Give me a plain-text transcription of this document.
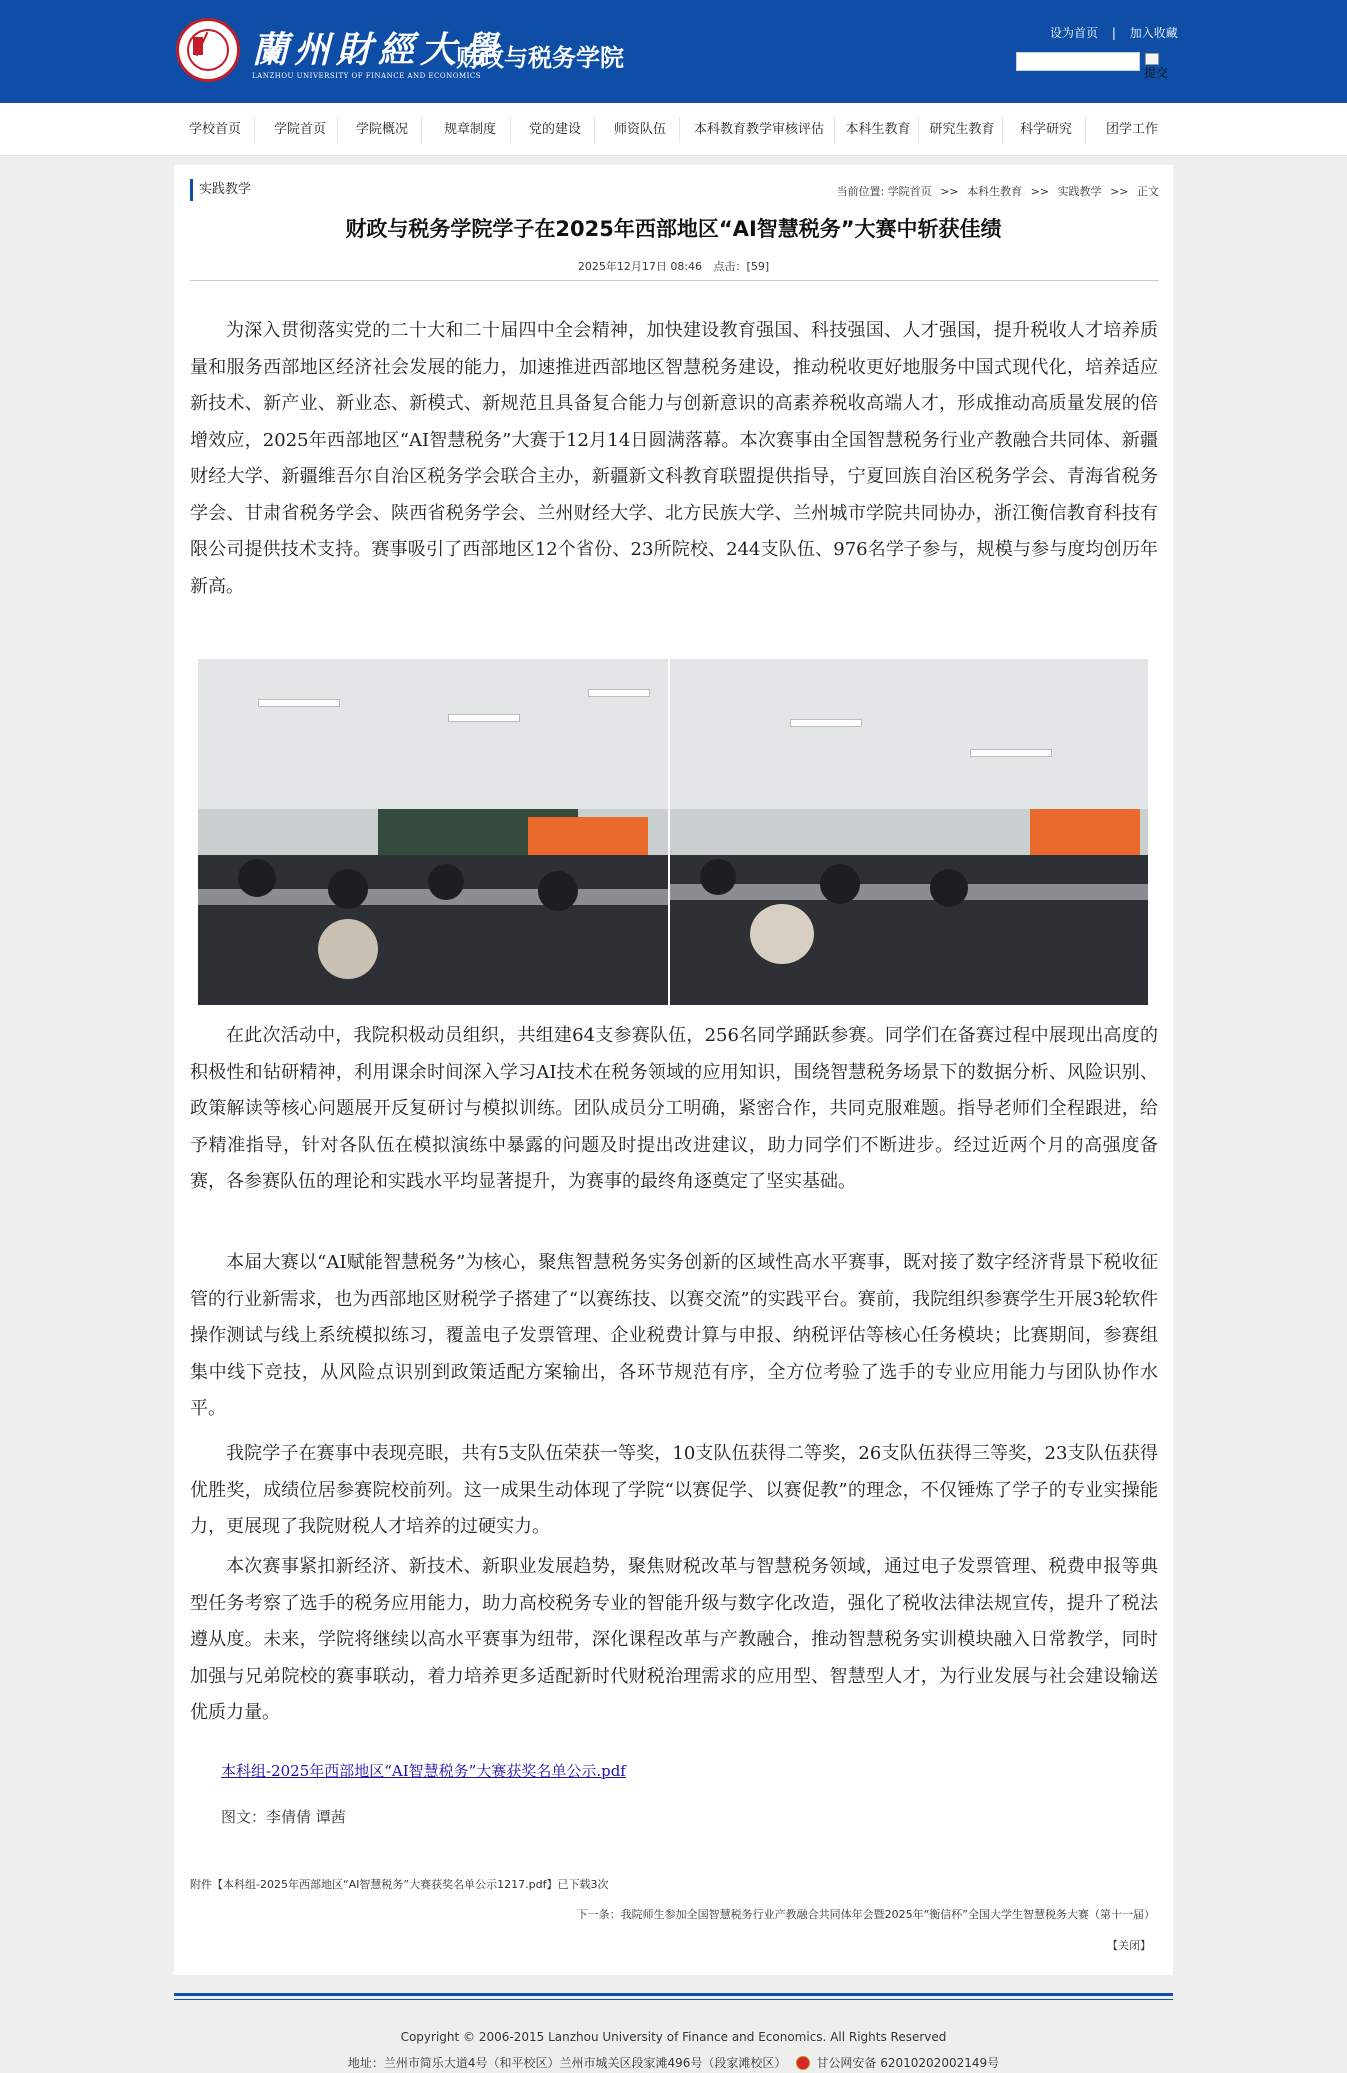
蘭州財經大學
LANZHOU UNIVERSITY OF FINANCE AND ECONOMICS
财政与税务学院
设为首页 | 加入收藏
提交
学校首页	学院首页	学院概况	规章制度	党的建设	师资队伍	本科教育教学审核评估	本科生教育	研究生教育	科学研究	团学工作
实践教学	当前位置: 学院首页 >> 本科生教育 >> 实践教学 >> 正文
财政与税务学院学子在2025年西部地区“AI智慧税务”大赛中斩获佳绩
2025年12月17日 08:46 点击：[59]

为深入贯彻落实党的二十大和二十届四中全会精神，加快建设教育强国、科技强国、人才强国，提升税收人才培养质量和服务西部地区经济社会发展的能力，加速推进西部地区智慧税务建设，推动税收更好地服务中国式现代化，培养适应新技术、新产业、新业态、新模式、新规范且具备复合能力与创新意识的高素养税收高端人才，形成推动高质量发展的倍增效应，2025年西部地区“AI智慧税务”大赛于12月14日圆满落幕。本次赛事由全国智慧税务行业产教融合共同体、新疆财经大学、新疆维吾尔自治区税务学会联合主办，新疆新文科教育联盟提供指导，宁夏回族自治区税务学会、青海省税务学会、甘肃省税务学会、陕西省税务学会、兰州财经大学、北方民族大学、兰州城市学院共同协办，浙江衡信教育科技有限公司提供技术支持。赛事吸引了西部地区12个省份、23所院校、244支队伍、976名学子参与，规模与参与度均创历年新高。

在此次活动中，我院积极动员组织，共组建64支参赛队伍，256名同学踊跃参赛。同学们在备赛过程中展现出高度的积极性和钻研精神，利用课余时间深入学习AI技术在税务领域的应用知识，围绕智慧税务场景下的数据分析、风险识别、政策解读等核心问题展开反复研讨与模拟训练。团队成员分工明确，紧密合作，共同克服难题。指导老师们全程跟进，给予精准指导，针对各队伍在模拟演练中暴露的问题及时提出改进建议，助力同学们不断进步。经过近两个月的高强度备赛，各参赛队伍的理论和实践水平均显著提升，为赛事的最终角逐奠定了坚实基础。

本届大赛以“AI赋能智慧税务”为核心，聚焦智慧税务实务创新的区域性高水平赛事，既对接了数字经济背景下税收征管的行业新需求，也为西部地区财税学子搭建了“以赛练技、以赛交流”的实践平台。赛前，我院组织参赛学生开展3轮软件操作测试与线上系统模拟练习，覆盖电子发票管理、企业税费计算与申报、纳税评估等核心任务模块；比赛期间，参赛组集中线下竞技，从风险点识别到政策适配方案输出，各环节规范有序，全方位考验了选手的专业应用能力与团队协作水平。

我院学子在赛事中表现亮眼，共有5支队伍荣获一等奖，10支队伍获得二等奖，26支队伍获得三等奖，23支队伍获得优胜奖，成绩位居参赛院校前列。这一成果生动体现了学院“以赛促学、以赛促教”的理念，不仅锤炼了学子的专业实操能力，更展现了我院财税人才培养的过硬实力。

本次赛事紧扣新经济、新技术、新职业发展趋势，聚焦财税改革与智慧税务领域，通过电子发票管理、税费申报等典型任务考察了选手的税务应用能力，助力高校税务专业的智能升级与数字化改造，强化了税收法律法规宣传，提升了税法遵从度。未来，学院将继续以高水平赛事为纽带，深化课程改革与产教融合，推动智慧税务实训模块融入日常教学，同时加强与兄弟院校的赛事联动，着力培养更多适配新时代财税治理需求的应用型、智慧型人才，为行业发展与社会建设输送优质力量。

本科组-2025年西部地区“AI智慧税务”大赛获奖名单公示.pdf
图文：李倩倩 谭茜
附件【本科组-2025年西部地区“AI智慧税务”大赛获奖名单公示1217.pdf】已下载3次
下一条：我院师生参加全国智慧税务行业产教融合共同体年会暨2025年“衡信杯”全国大学生智慧税务大赛（第十一届）
【关闭】
Copyright © 2006-2015 Lanzhou University of Finance and Economics. All Rights Reserved
地址：兰州市简乐大道4号（和平校区）兰州市城关区段家滩496号（段家滩校区）	甘公网安备 62010202002149号
